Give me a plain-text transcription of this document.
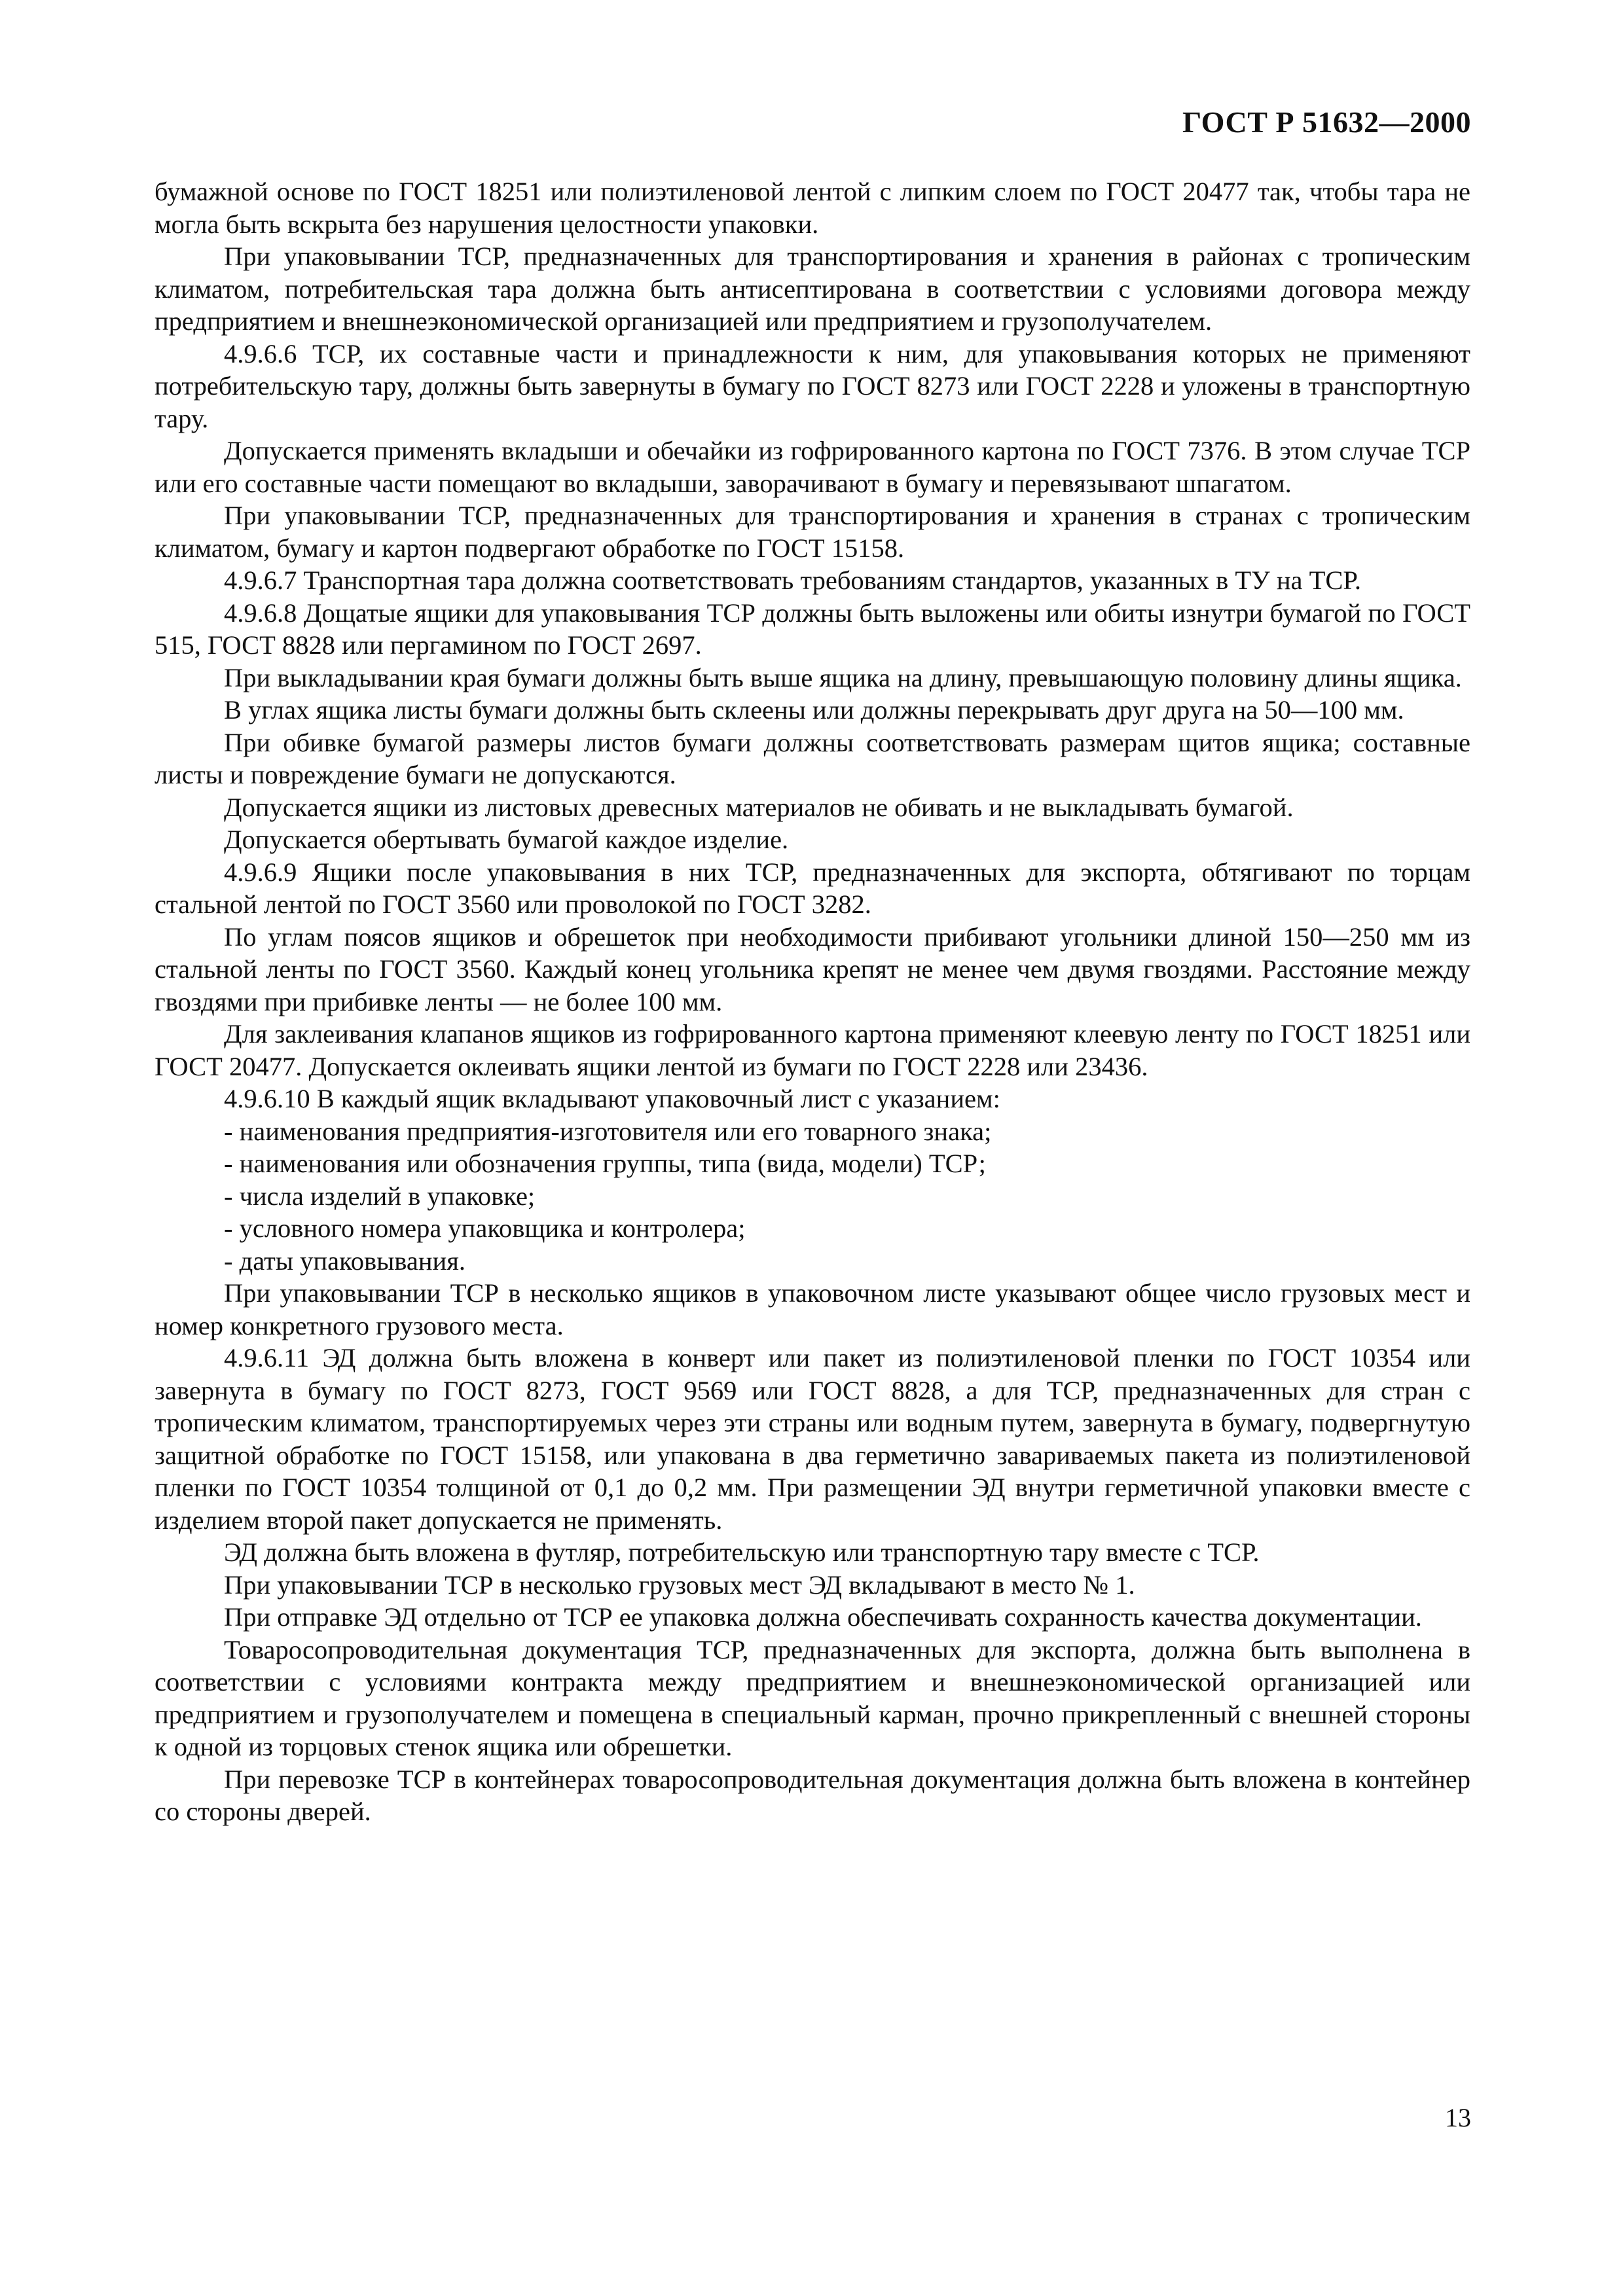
ГОСТ Р 51632—2000

бумажной основе по ГОСТ 18251 или полиэтиленовой лентой с липким слоем по ГОСТ 20477 так, чтобы тара не могла быть вскрыта без нарушения целостности упаковки.

При упаковывании ТСР, предназначенных для транспортирования и хранения в районах с тропическим климатом, потребительская тара должна быть антисептирована в соответствии с условиями договора между предприятием и внешнеэкономической организацией или предприятием и грузополучателем.

4.9.6.6 ТСР, их составные части и принадлежности к ним, для упаковывания которых не применяют потребительскую тару, должны быть завернуты в бумагу по ГОСТ 8273 или ГОСТ 2228 и уложены в транспортную тару.

Допускается применять вкладыши и обечайки из гофрированного картона по ГОСТ 7376. В этом случае ТСР или его составные части помещают во вкладыши, заворачивают в бумагу и перевязывают шпагатом.

При упаковывании ТСР, предназначенных для транспортирования и хранения в странах с тропическим климатом, бумагу и картон подвергают обработке по ГОСТ 15158.

4.9.6.7 Транспортная тара должна соответствовать требованиям стандартов, указанных в ТУ на ТСР.

4.9.6.8 Дощатые ящики для упаковывания ТСР должны быть выложены или обиты изнутри бумагой по ГОСТ 515, ГОСТ 8828 или пергамином по ГОСТ 2697.

При выкладывании края бумаги должны быть выше ящика на длину, превышающую половину длины ящика.

В углах ящика листы бумаги должны быть склеены или должны перекрывать друг друга на 50—100 мм.

При обивке бумагой размеры листов бумаги должны соответствовать размерам щитов ящика; составные листы и повреждение бумаги не допускаются.

Допускается ящики из листовых древесных материалов не обивать и не выкладывать бумагой.

Допускается обертывать бумагой каждое изделие.

4.9.6.9 Ящики после упаковывания в них ТСР, предназначенных для экспорта, обтягивают по торцам стальной лентой по ГОСТ 3560 или проволокой по ГОСТ 3282.

По углам поясов ящиков и обрешеток при необходимости прибивают угольники длиной 150—250 мм из стальной ленты по ГОСТ 3560. Каждый конец угольника крепят не менее чем двумя гвоздями. Расстояние между гвоздями при прибивке ленты — не более 100 мм.

Для заклеивания клапанов ящиков из гофрированного картона применяют клеевую ленту по ГОСТ 18251 или ГОСТ 20477. Допускается оклеивать ящики лентой из бумаги по ГОСТ 2228 или 23436.

4.9.6.10 В каждый ящик вкладывают упаковочный лист с указанием:

- наименования предприятия-изготовителя или его товарного знака;

- наименования или обозначения группы, типа (вида, модели) ТСР;

- числа изделий в упаковке;

- условного номера упаковщика и контролера;

- даты упаковывания.

При упаковывании ТСР в несколько ящиков в упаковочном листе указывают общее число грузовых мест и номер конкретного грузового места.

4.9.6.11 ЭД должна быть вложена в конверт или пакет из полиэтиленовой пленки по ГОСТ 10354 или завернута в бумагу по ГОСТ 8273, ГОСТ 9569 или ГОСТ 8828, а для ТСР, предназначенных для стран с тропическим климатом, транспортируемых через эти страны или водным путем, завернута в бумагу, подвергнутую защитной обработке по ГОСТ 15158, или упакована в два герметично завариваемых пакета из полиэтиленовой пленки по ГОСТ 10354 толщиной от 0,1 до 0,2 мм. При размещении ЭД внутри герметичной упаковки вместе с изделием второй пакет допускается не применять.

ЭД должна быть вложена в футляр, потребительскую или транспортную тару вместе с ТСР.

При упаковывании ТСР в несколько грузовых мест ЭД вкладывают в место № 1.

При отправке ЭД отдельно от ТСР ее упаковка должна обеспечивать сохранность качества документации.

Товаросопроводительная документация ТСР, предназначенных для экспорта, должна быть выполнена в соответствии с условиями контракта между предприятием и внешнеэкономической организацией или предприятием и грузополучателем и помещена в специальный карман, прочно прикрепленный с внешней стороны к одной из торцовых стенок ящика или обрешетки.

При перевозке ТСР в контейнерах товаросопроводительная документация должна быть вложена в контейнер со стороны дверей.

13
